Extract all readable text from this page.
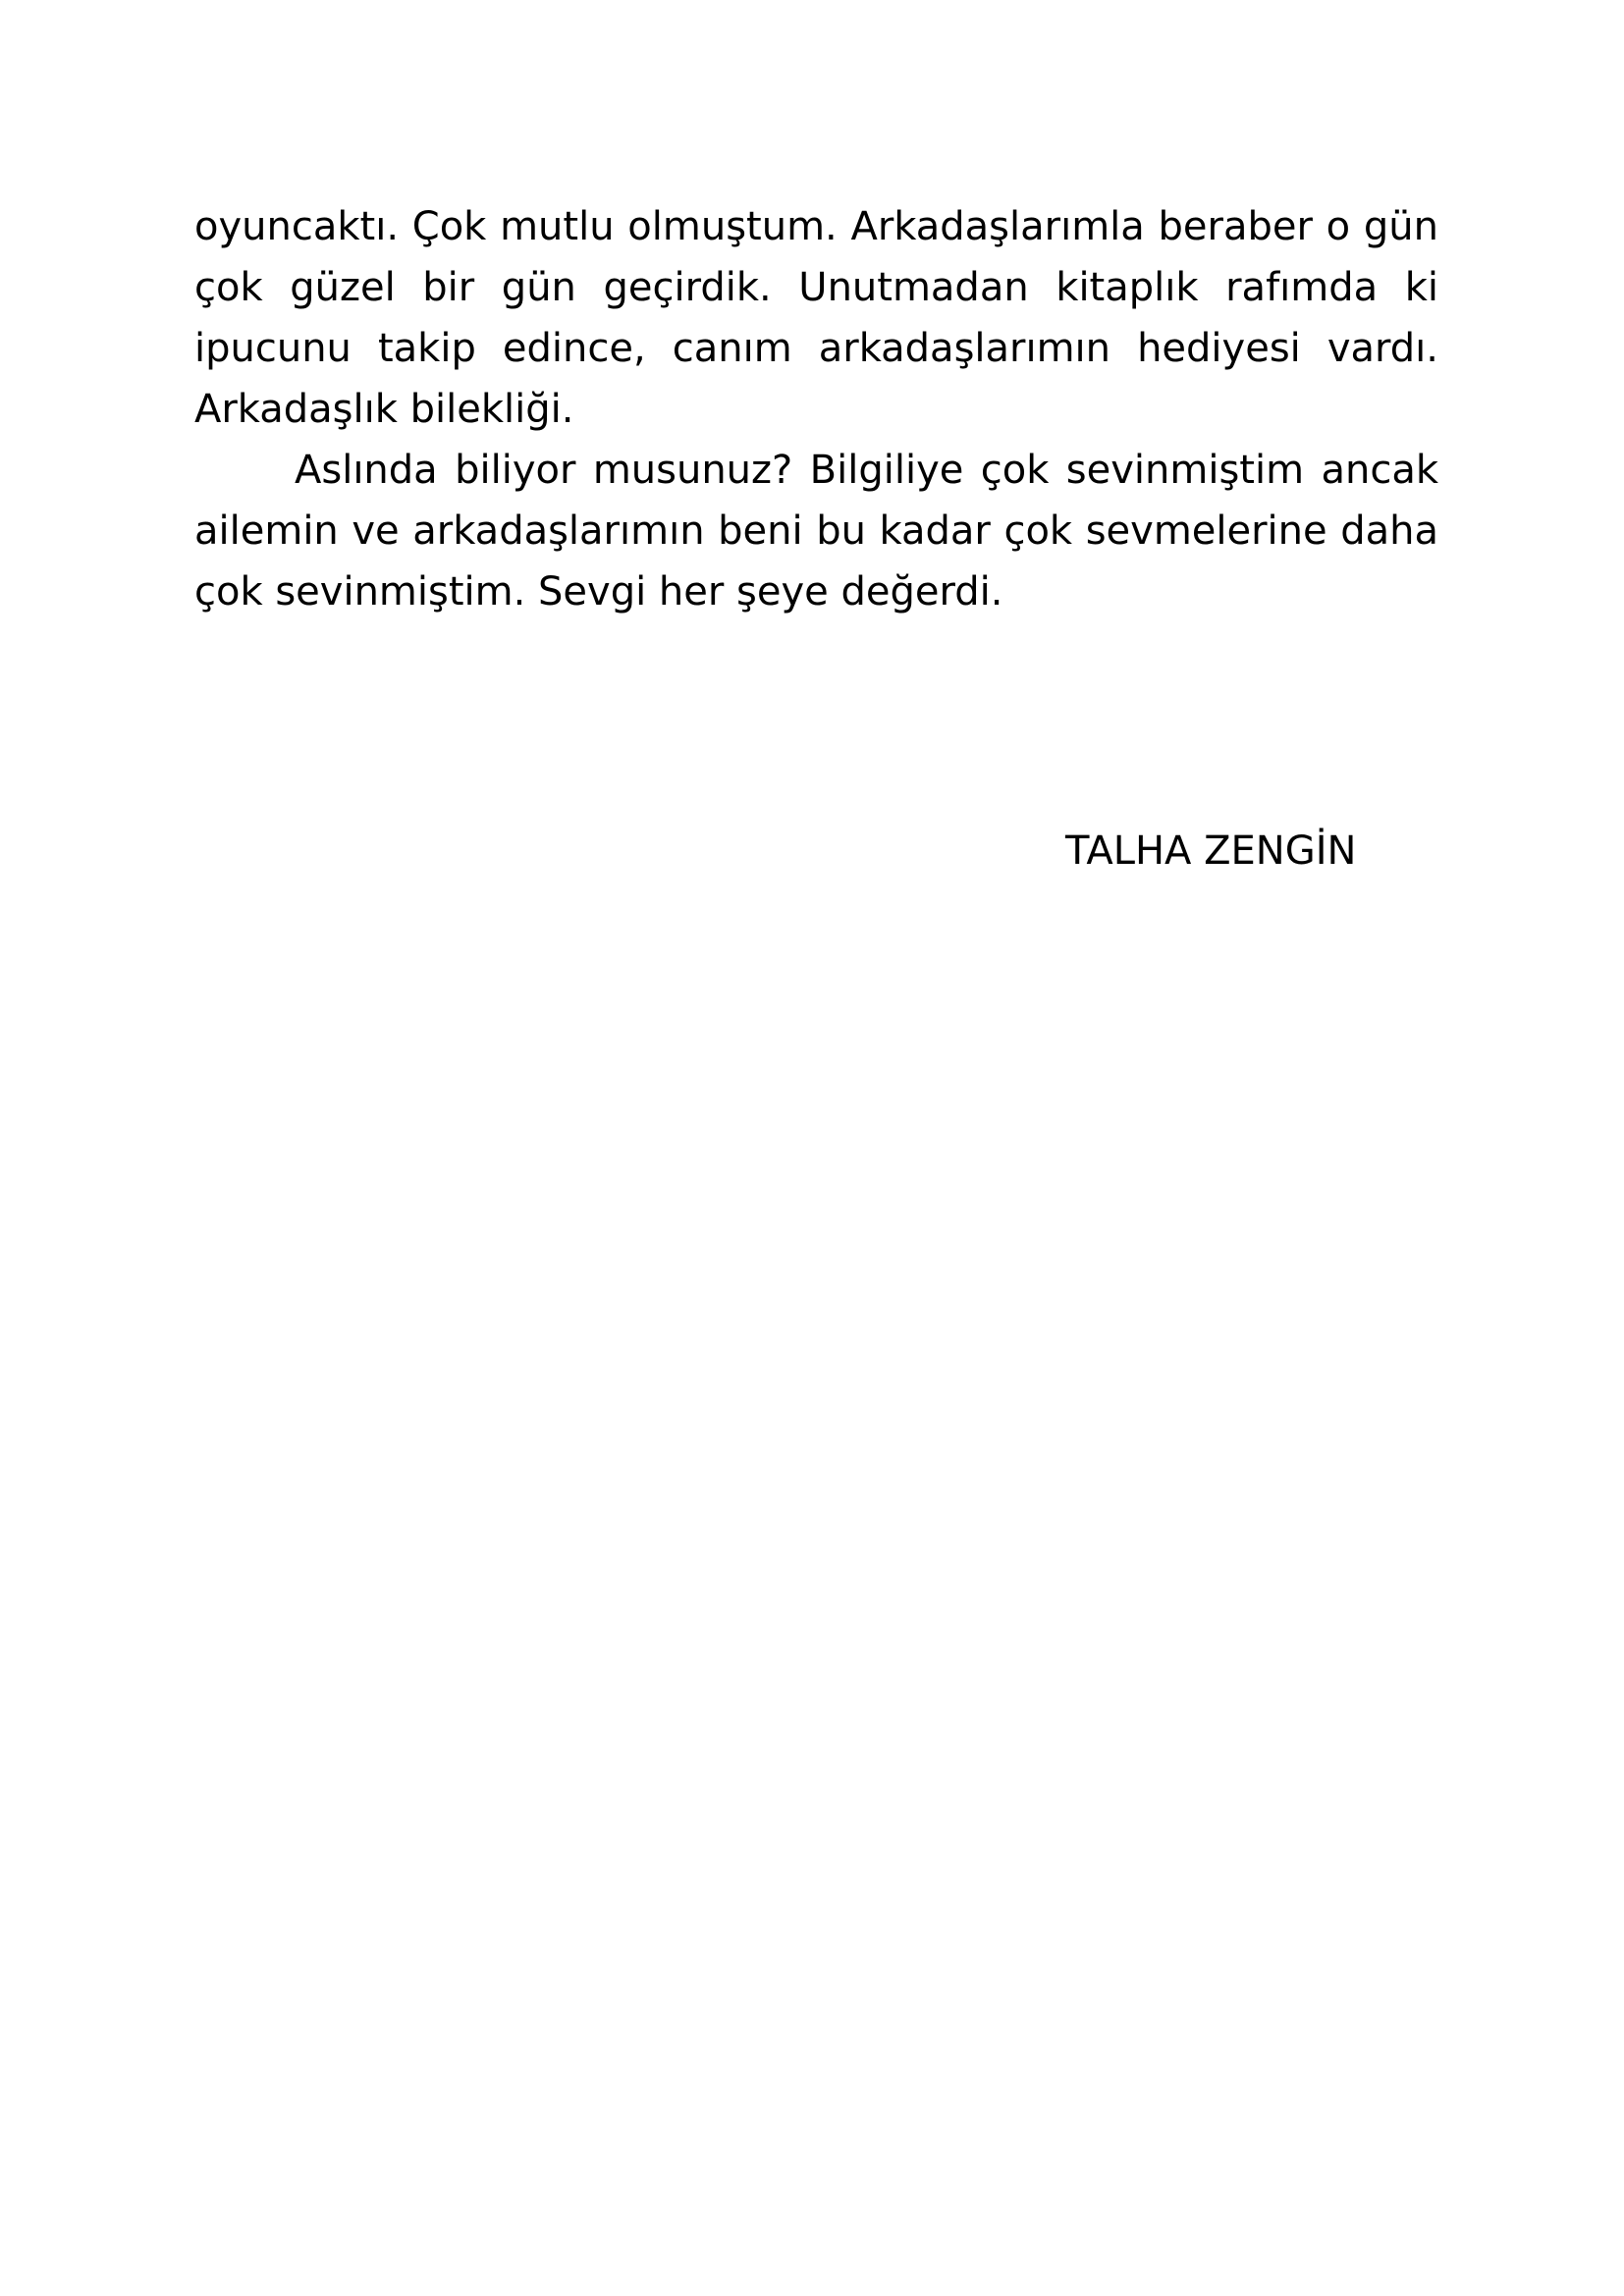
oyuncaktı. Çok mutlu olmuştum. Arkadaşlarımla beraber o gün çok güzel bir gün geçirdik. Unutmadan kitaplık rafımda ki ipucunu takip edince, canım arkadaşlarımın hediyesi vardı. Arkadaşlık bilekliği.

Aslında biliyor musunuz? Bilgiliye çok sevinmiştim ancak ailemin ve arkadaşlarımın beni bu kadar çok sevmelerine daha çok sevinmiştim. Sevgi her şeye değerdi.

TALHA ZENGİN
